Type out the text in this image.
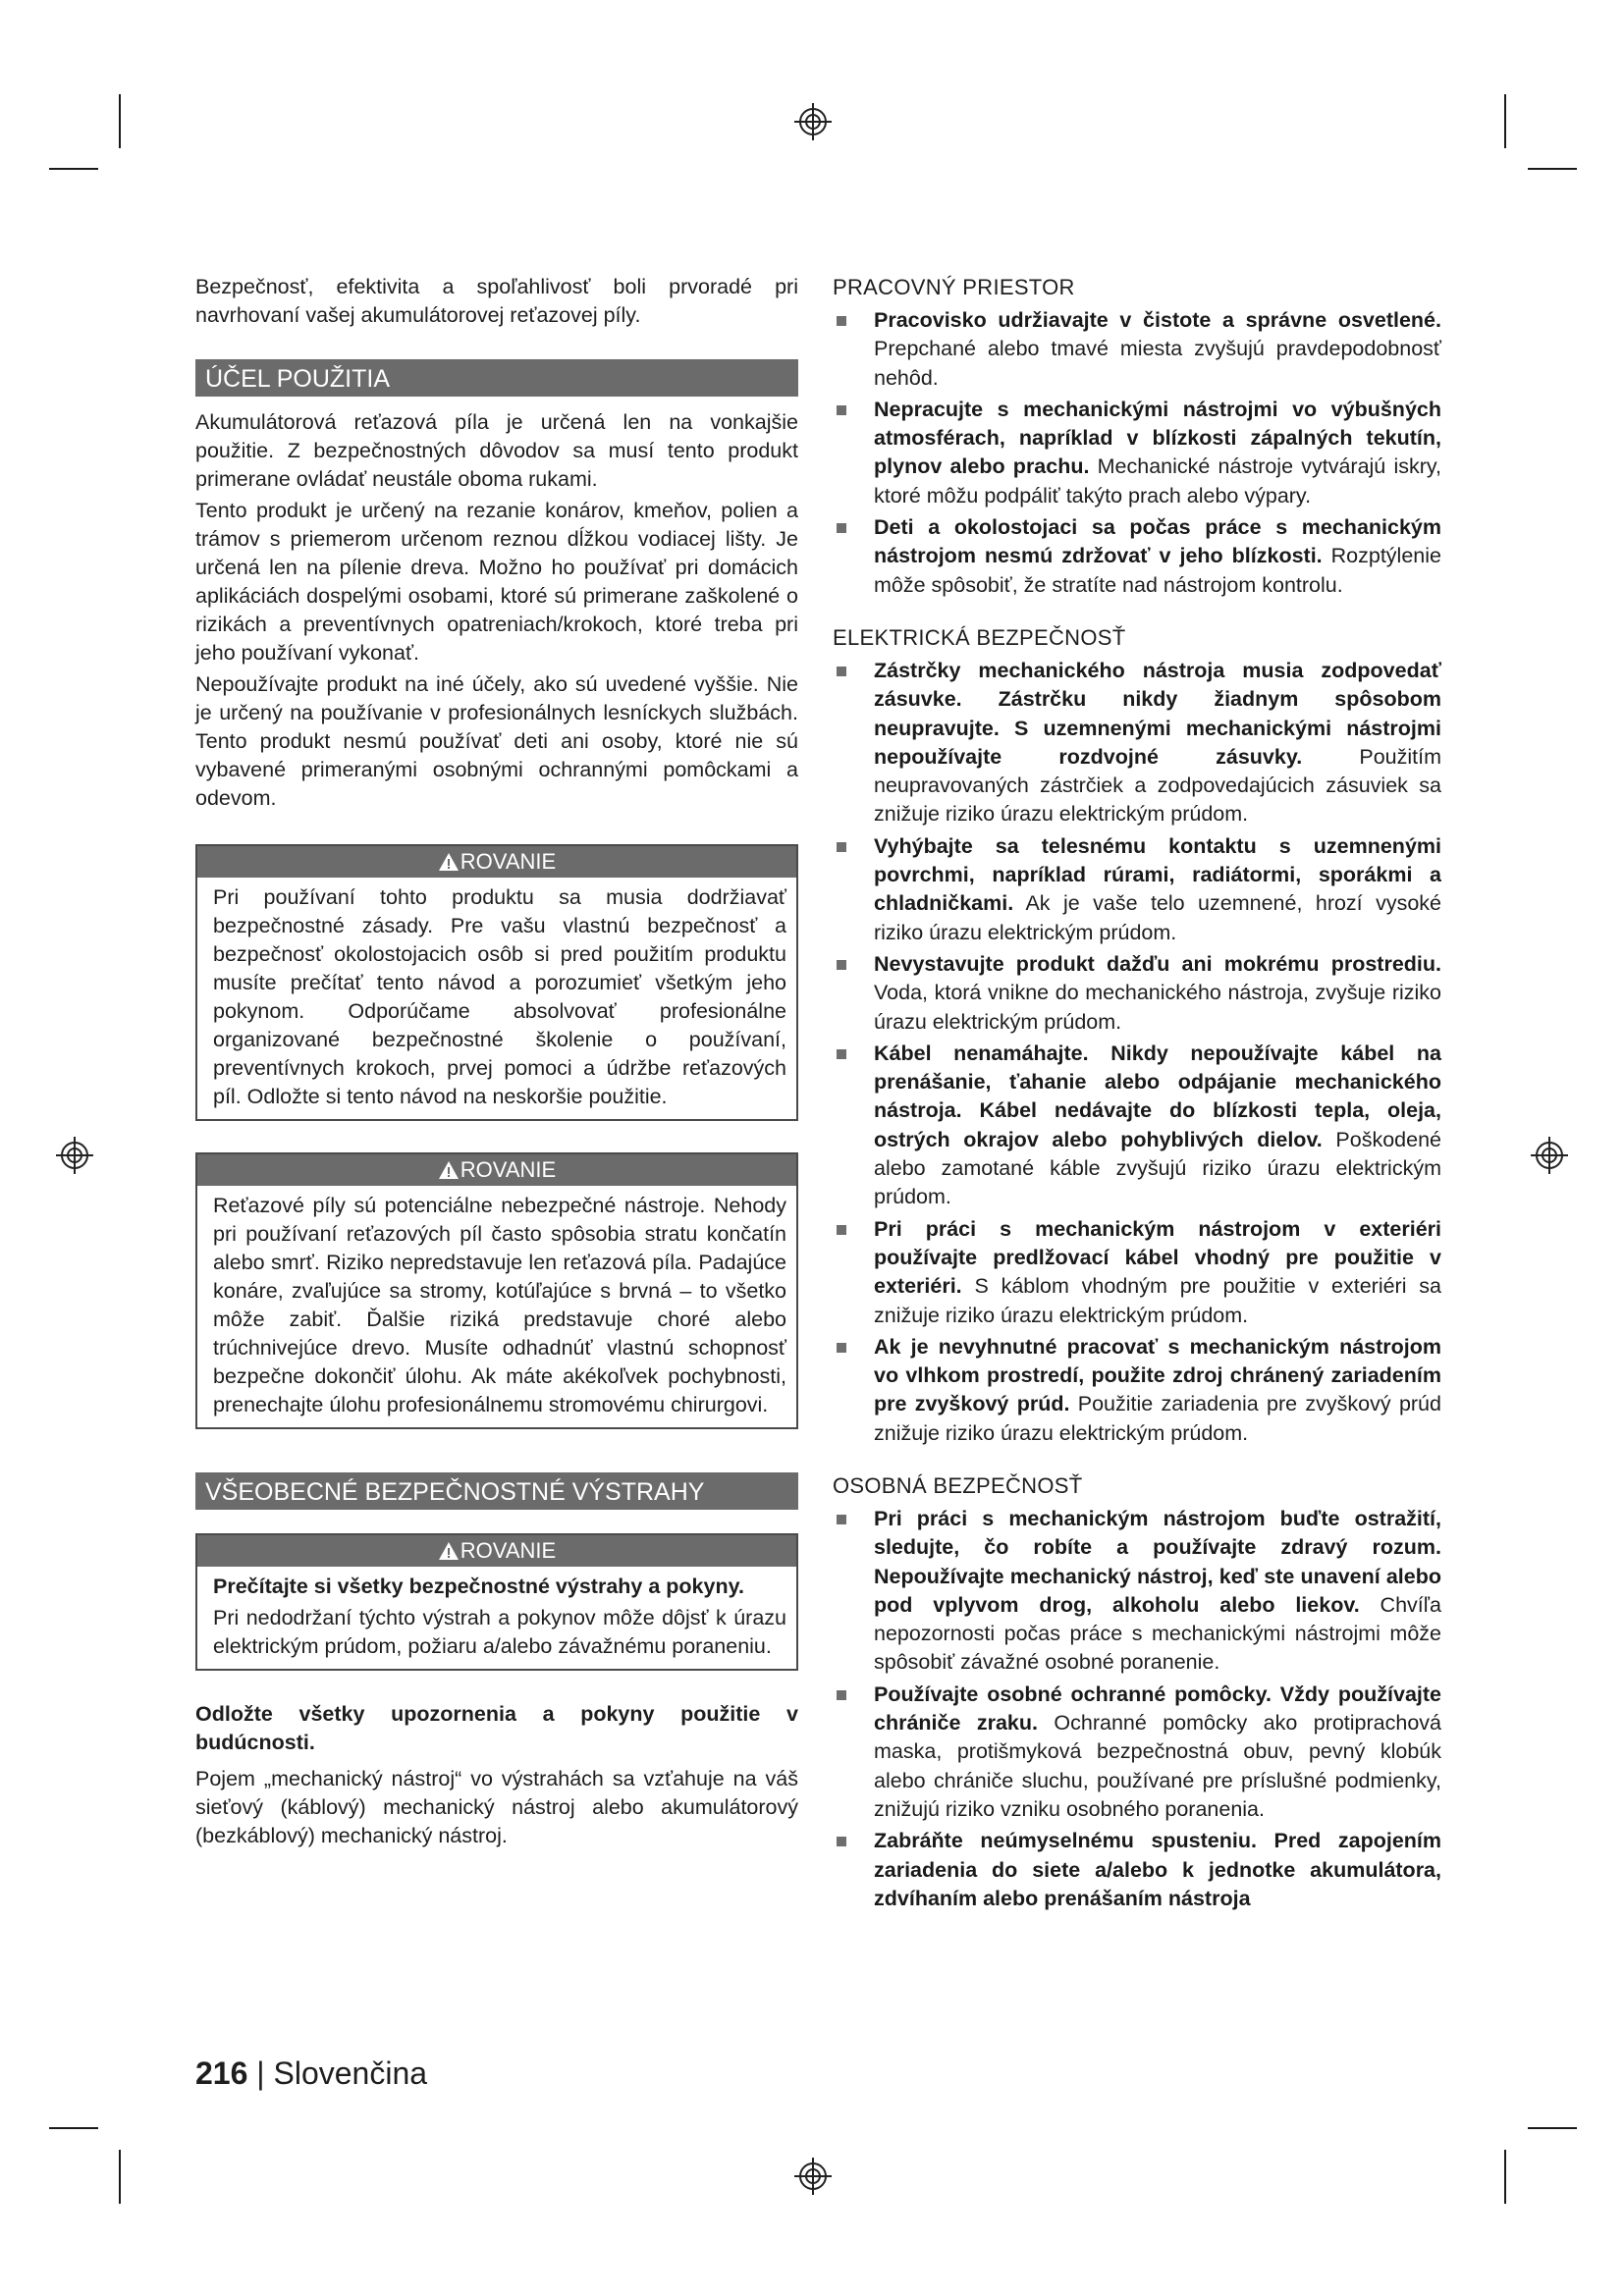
Bezpečnosť, efektivita a spoľahlivosť boli prvoradé pri navrhovaní vašej akumulátorovej reťazovej píly.

ÚČEL POUŽITIA

Akumulátorová reťazová píla je určená len na vonkajšie použitie. Z bezpečnostných dôvodov sa musí tento produkt primerane ovládať neustále oboma rukami.

Tento produkt je určený na rezanie konárov, kmeňov, polien a trámov s priemerom určenom reznou dĺžkou vodiacej lišty. Je určená len na pílenie dreva. Možno ho používať pri domácich aplikáciách dospelými osobami, ktoré sú primerane zaškolené o rizikách a preventívnych opatreniach/krokoch, ktoré treba pri jeho používaní vykonať.

Nepoužívajte produkt na iné účely, ako sú uvedené vyššie. Nie je určený na používanie v profesionálnych lesníckych službách. Tento produkt nesmú používať deti ani osoby, ktoré nie sú vybavené primeranými osobnými ochrannými pomôckami a odevom.

ROVANIE

Pri používaní tohto produktu sa musia dodržiavať bezpečnostné zásady. Pre vašu vlastnú bezpečnosť a bezpečnosť okolostojacich osôb si pred použitím produktu musíte prečítať tento návod a porozumieť všetkým jeho pokynom. Odporúčame absolvovať profesionálne organizované bezpečnostné školenie o používaní, preventívnych krokoch, prvej pomoci a údržbe reťazových píl. Odložte si tento návod na neskoršie použitie.

ROVANIE

Reťazové píly sú potenciálne nebezpečné nástroje. Nehody pri používaní reťazových píl často spôsobia stratu končatín alebo smrť. Riziko nepredstavuje len reťazová píla. Padajúce konáre, zvaľujúce sa stromy, kotúľajúce s brvná – to všetko môže zabiť. Ďalšie riziká predstavuje choré alebo trúchnivejúce drevo. Musíte odhadnúť vlastnú schopnosť bezpečne dokončiť úlohu. Ak máte akékoľvek pochybnosti, prenechajte úlohu profesionálnemu stromovému chirurgovi.

VŠEOBECNÉ BEZPEČNOSTNÉ VÝSTRAHY
ROVANIE

Prečítajte si všetky bezpečnostné výstrahy a pokyny.

Pri nedodržaní týchto výstrah a pokynov môže dôjsť k úrazu elektrickým prúdom, požiaru a/alebo závažnému poraneniu.

Odložte všetky upozornenia a pokyny použitie v budúcnosti.

Pojem „mechanický nástroj“ vo výstrahách sa vzťahuje na váš sieťový (káblový) mechanický nástroj alebo akumulátorový (bezkáblový) mechanický nástroj.

PRACOVNÝ PRIESTOR
Pracovisko udržiavajte v čistote a správne osvetlené. Prepchané alebo tmavé miesta zvyšujú pravdepodobnosť nehôd.
Nepracujte s mechanickými nástrojmi vo výbušných atmosférach, napríklad v blízkosti zápalných tekutín, plynov alebo prachu. Mechanické nástroje vytvárajú iskry, ktoré môžu podpáliť takýto prach alebo výpary.
Deti a okolostojaci sa počas práce s mechanickým nástrojom nesmú zdržovať v jeho blízkosti. Rozptýlenie môže spôsobiť, že stratíte nad nástrojom kontrolu.
ELEKTRICKÁ BEZPEČNOSŤ
Zástrčky mechanického nástroja musia zodpovedať zásuvke. Zástrčku nikdy žiadnym spôsobom neupravujte. S uzemnenými mechanickými nástrojmi nepoužívajte rozdvojné zásuvky. Použitím neupravovaných zástrčiek a zodpovedajúcich zásuviek sa znižuje riziko úrazu elektrickým prúdom.
Vyhýbajte sa telesnému kontaktu s uzemnenými povrchmi, napríklad rúrami, radiátormi, sporákmi a chladničkami. Ak je vaše telo uzemnené, hrozí vysoké riziko úrazu elektrickým prúdom.
Nevystavujte produkt dažďu ani mokrému prostrediu. Voda, ktorá vnikne do mechanického nástroja, zvyšuje riziko úrazu elektrickým prúdom.
Kábel nenamáhajte. Nikdy nepoužívajte kábel na prenášanie, ťahanie alebo odpájanie mechanického nástroja. Kábel nedávajte do blízkosti tepla, oleja, ostrých okrajov alebo pohyblivých dielov. Poškodené alebo zamotané káble zvyšujú riziko úrazu elektrickým prúdom.
Pri práci s mechanickým nástrojom v exteriéri používajte predlžovací kábel vhodný pre použitie v exteriéri. S káblom vhodným pre použitie v exteriéri sa znižuje riziko úrazu elektrickým prúdom.
Ak je nevyhnutné pracovať s mechanickým nástrojom vo vlhkom prostredí, použite zdroj chránený zariadením pre zvyškový prúd. Použitie zariadenia pre zvyškový prúd znižuje riziko úrazu elektrickým prúdom.
OSOBNÁ BEZPEČNOSŤ
Pri práci s mechanickým nástrojom buďte ostražití, sledujte, čo robíte a používajte zdravý rozum. Nepoužívajte mechanický nástroj, keď ste unavení alebo pod vplyvom drog, alkoholu alebo liekov. Chvíľa nepozornosti počas práce s mechanickými nástrojmi môže spôsobiť závažné osobné poranenie.
Používajte osobné ochranné pomôcky. Vždy používajte chrániče zraku. Ochranné pomôcky ako protiprachová maska, protišmyková bezpečnostná obuv, pevný klobúk alebo chrániče sluchu, používané pre príslušné podmienky, znižujú riziko vzniku osobného poranenia.
Zabráňte neúmyselnému spusteniu. Pred zapojením zariadenia do siete a/alebo k jednotke akumulátora, zdvíhaním alebo prenášaním nástroja
216 | Slovenčina
